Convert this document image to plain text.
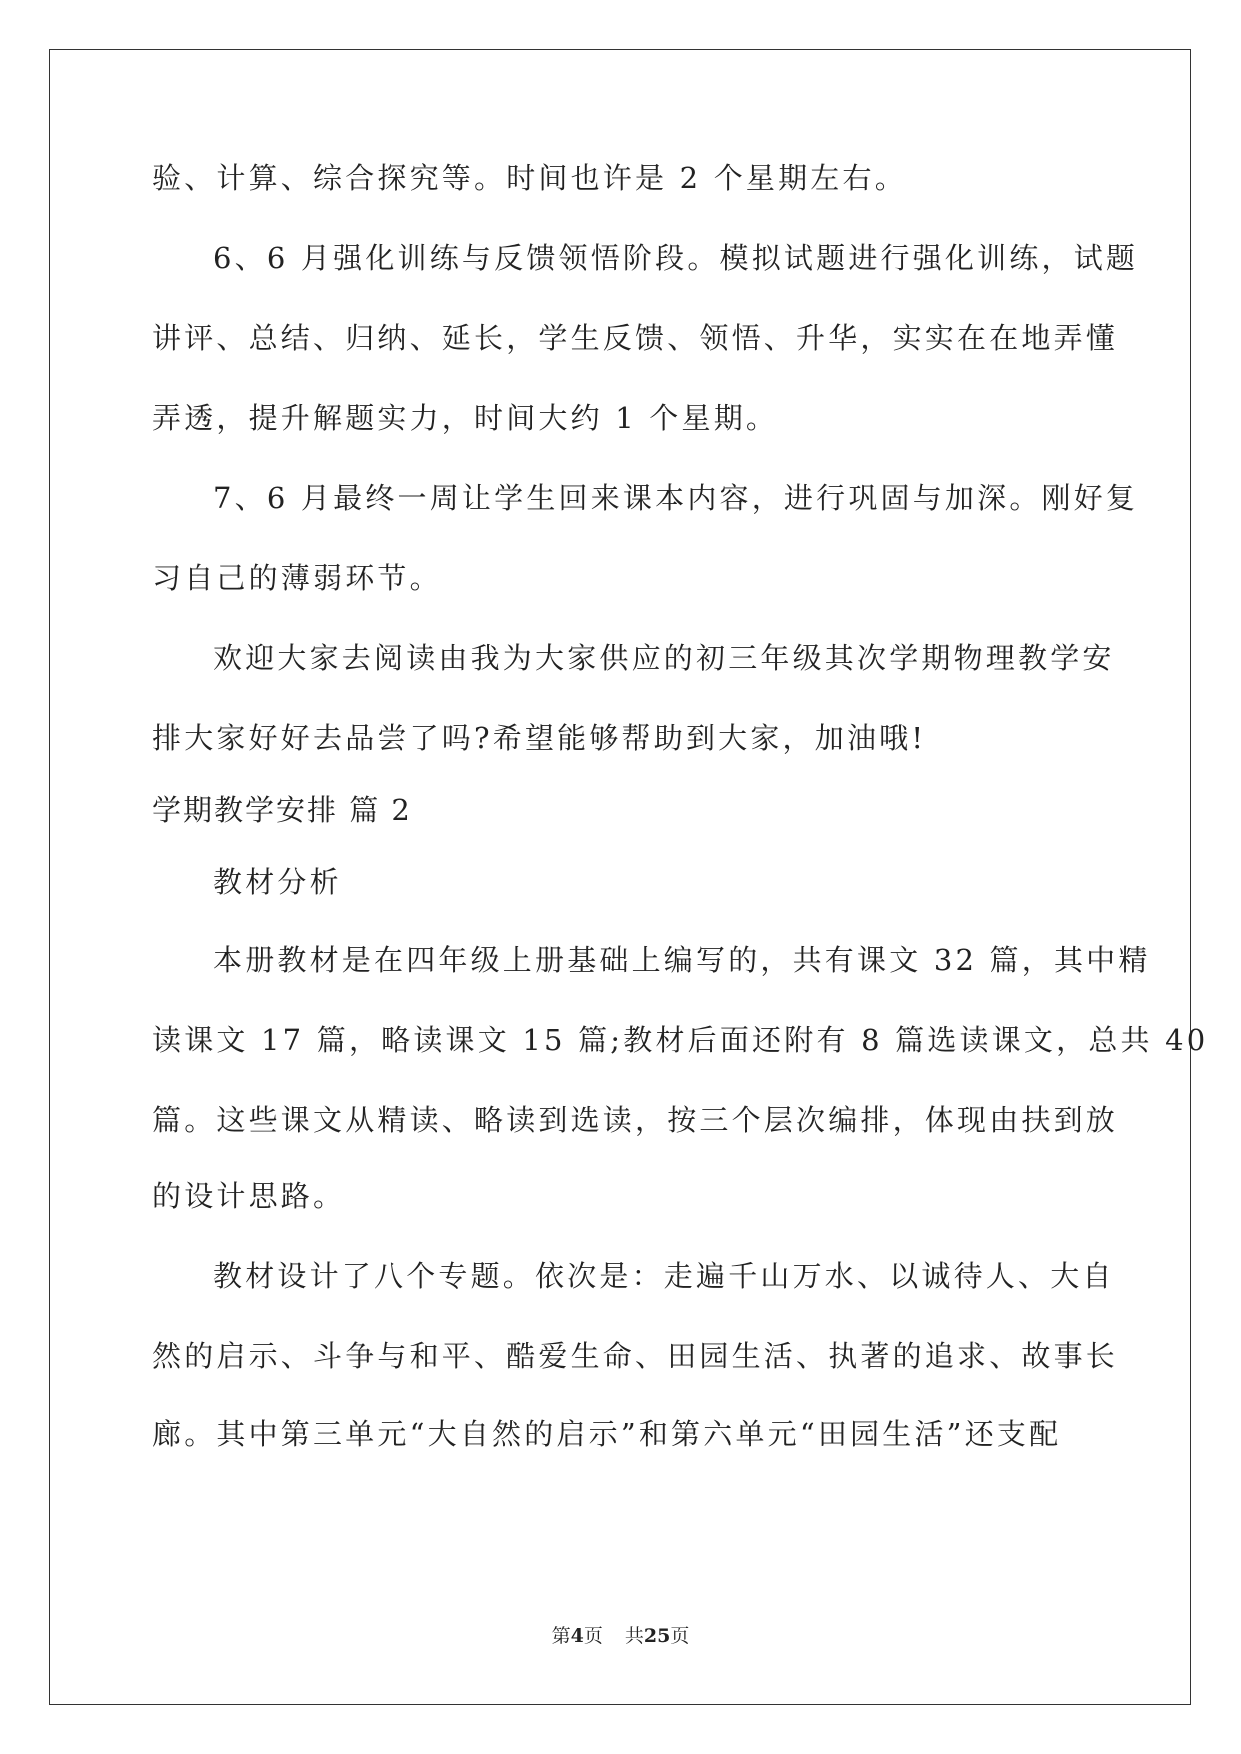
验、计算、综合探究等。时间也许是 2 个星期左右。
6、6 月强化训练与反馈领悟阶段。模拟试题进行强化训练，试题
讲评、总结、归纳、延长，学生反馈、领悟、升华，实实在在地弄懂
弄透，提升解题实力，时间大约 1 个星期。
7、6 月最终一周让学生回来课本内容，进行巩固与加深。刚好复
习自己的薄弱环节。
欢迎大家去阅读由我为大家供应的初三年级其次学期物理教学安
排大家好好去品尝了吗?希望能够帮助到大家，加油哦!
学期教学安排 篇 2
教材分析
本册教材是在四年级上册基础上编写的，共有课文 32 篇，其中精
读课文 17 篇，略读课文 15 篇;教材后面还附有 8 篇选读课文，总共 40
篇。这些课文从精读、略读到选读，按三个层次编排，体现由扶到放
的设计思路。
教材设计了八个专题。依次是：走遍千山万水、以诚待人、大自
然的启示、斗争与和平、酷爱生命、田园生活、执著的追求、故事长
廊。其中第三单元“大自然的启示”和第六单元“田园生活”还支配
第4页 共25页
